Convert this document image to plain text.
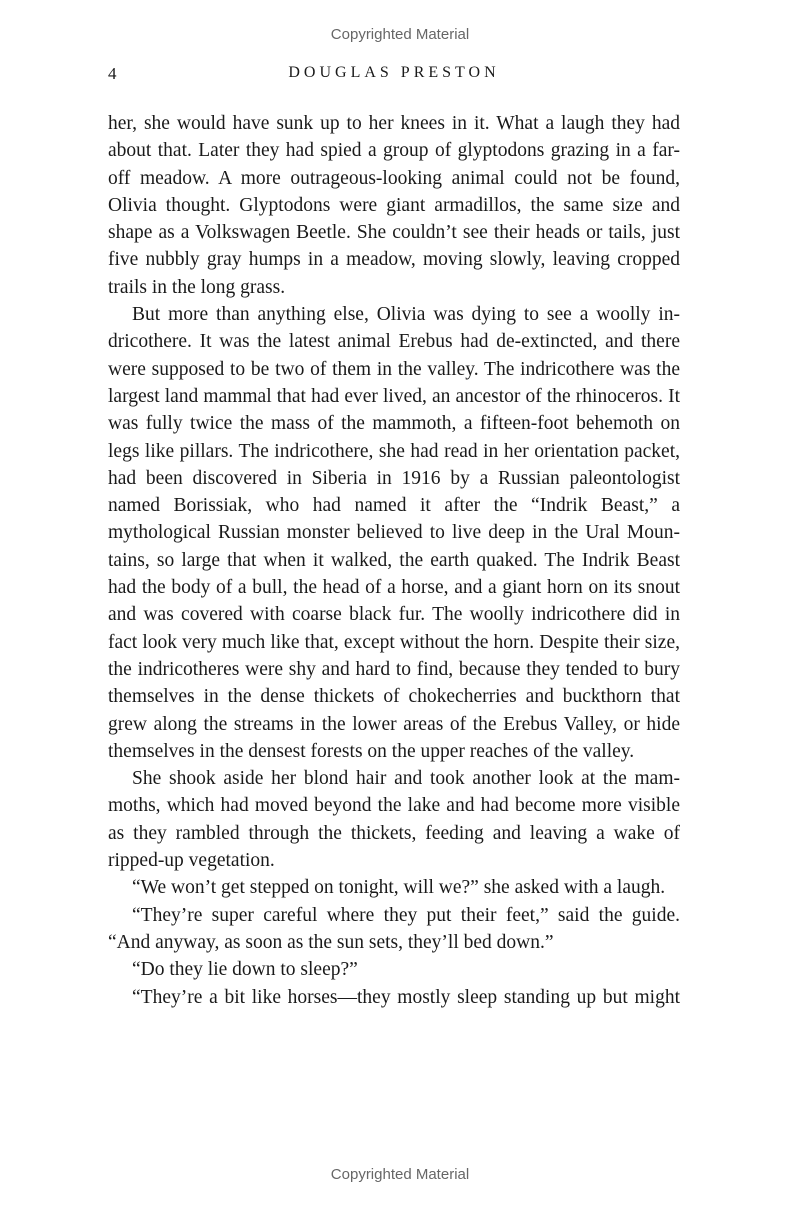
Copyrighted Material
4	DOUGLAS PRESTON

her, she would have sunk up to her knees in it. What a laugh they had about that. Later they had spied a group of glyptodons grazing in a far-off meadow. A more outrageous-looking animal could not be found, Olivia thought. Glyptodons were giant armadillos, the same size and shape as a Volkswagen Beetle. She couldn’t see their heads or tails, just five nubbly gray humps in a meadow, moving slowly, leaving cropped trails in the long grass.

But more than anything else, Olivia was dying to see a woolly indricothere. It was the latest animal Erebus had de-extincted, and there were supposed to be two of them in the valley. The indricothere was the largest land mammal that had ever lived, an ancestor of the rhinoceros. It was fully twice the mass of the mammoth, a fifteen-foot behemoth on legs like pillars. The indricothere, she had read in her orientation packet, had been discovered in Siberia in 1916 by a Russian paleontologist named Borissiak, who had named it after the “Indrik Beast,” a mythological Russian monster believed to live deep in the Ural Mountains, so large that when it walked, the earth quaked. The Indrik Beast had the body of a bull, the head of a horse, and a giant horn on its snout and was covered with coarse black fur. The woolly indricothere did in fact look very much like that, except without the horn. Despite their size, the indricotheres were shy and hard to find, because they tended to bury themselves in the dense thickets of chokecherries and buckthorn that grew along the streams in the lower areas of the Erebus Valley, or hide themselves in the densest forests on the upper reaches of the valley.

She shook aside her blond hair and took another look at the mammoths, which had moved beyond the lake and had become more visible as they rambled through the thickets, feeding and leaving a wake of ripped-up vegetation.

“We won’t get stepped on tonight, will we?” she asked with a laugh.

“They’re super careful where they put their feet,” said the guide. “And anyway, as soon as the sun sets, they’ll bed down.”

“Do they lie down to sleep?”

“They’re a bit like horses—they mostly sleep standing up but might

Copyrighted Material
